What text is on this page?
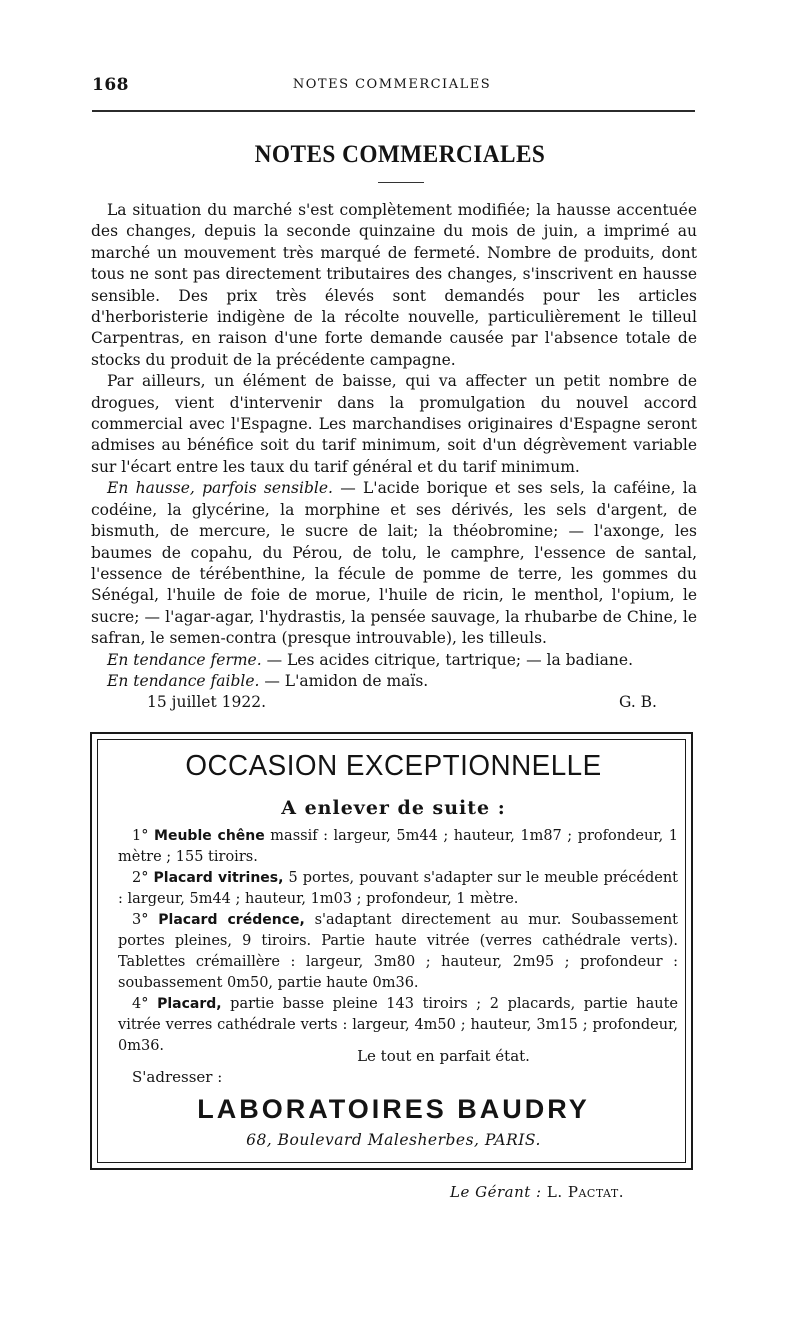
168	NOTES COMMERCIALES
NOTES COMMERCIALES

La situation du marché s'est complètement modifiée; la hausse accentuée des changes, depuis la seconde quinzaine du mois de juin, a imprimé au marché un mouvement très marqué de fermeté. Nombre de produits, dont tous ne sont pas directement tributaires des changes, s'inscrivent en hausse sensible. Des prix très élevés sont demandés pour les articles d'herboristerie indigène de la récolte nouvelle, particulièrement le tilleul Carpentras, en raison d'une forte demande causée par l'absence totale de stocks du produit de la précédente campagne.

Par ailleurs, un élément de baisse, qui va affecter un petit nombre de drogues, vient d'intervenir dans la promulgation du nouvel accord commercial avec l'Espagne. Les marchandises originaires d'Espagne seront admises au bénéfice soit du tarif minimum, soit d'un dégrèvement variable sur l'écart entre les taux du tarif général et du tarif minimum.

En hausse, parfois sensible. — L'acide borique et ses sels, la caféine, la codéine, la glycérine, la morphine et ses dérivés, les sels d'argent, de bismuth, de mercure, le sucre de lait; la théobromine; — l'axonge, les baumes de copahu, du Pérou, de tolu, le camphre, l'essence de santal, l'essence de térébenthine, la fécule de pomme de terre, les gommes du Sénégal, l'huile de foie de morue, l'huile de ricin, le menthol, l'opium, le sucre; — l'agar-agar, l'hydrastis, la pensée sauvage, la rhubarbe de Chine, le safran, le semen-contra (presque introuvable), les tilleuls.

En tendance ferme. — Les acides citrique, tartrique; — la badiane.

En tendance faible. — L'amidon de maïs.

15 juillet 1922.	G. B.
OCCASION EXCEPTIONNELLE
A enlever de suite :

1° Meuble chêne massif : largeur, 5m44 ; hauteur, 1m87 ; profondeur, 1 mètre ; 155 tiroirs.

2° Placard vitrines, 5 portes, pouvant s'adapter sur le meuble précédent : largeur, 5m44 ; hauteur, 1m03 ; profondeur, 1 mètre.

3° Placard crédence, s'adaptant directement au mur. Soubassement portes pleines, 9 tiroirs. Partie haute vitrée (verres cathédrale verts). Tablettes crémaillère : largeur, 3m80 ; hauteur, 2m95 ; profondeur : soubassement 0m50, partie haute 0m36.

4° Placard, partie basse pleine 143 tiroirs ; 2 placards, partie haute vitrée verres cathédrale verts : largeur, 4m50 ; hauteur, 3m15 ; profondeur, 0m36.

Le tout en parfait état.
S'adresser :
LABORATOIRES BAUDRY
68, Boulevard Malesherbes, PARIS.
Le Gérant : L. Pactat.
